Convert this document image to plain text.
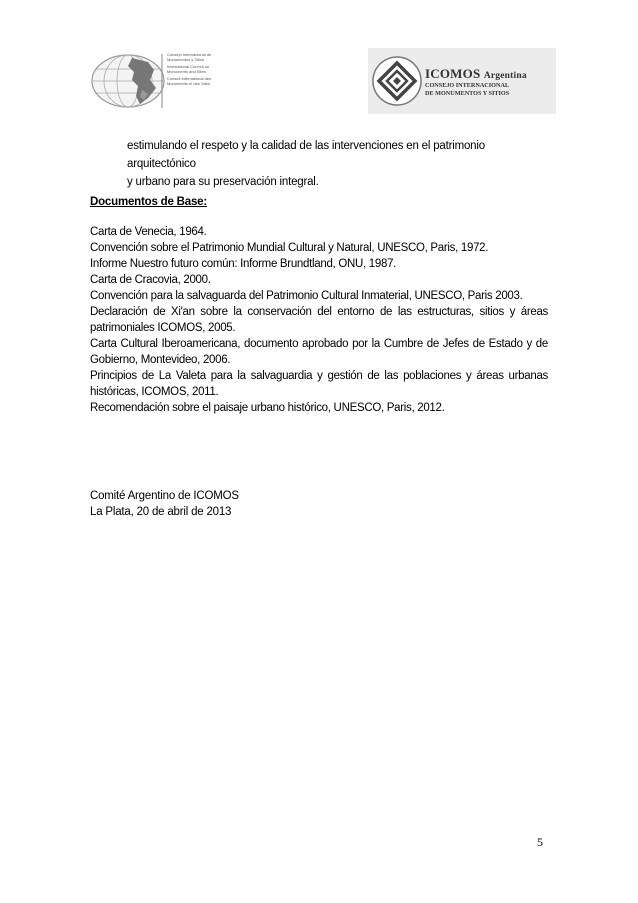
Consejo Internacional de
Monumentos y Sitios
International Council on
Monuments and Sites
Conseil International des
Monuments et des Sites
ICOMOS Argentina
CONSEJO INTERNACIONAL
DE MONUMENTOS Y SITIOS
estimulando el respeto y la calidad de las intervenciones en el patrimonio arquitectónico
y urbano para su preservación integral.
Documentos de Base:
Carta de Venecia, 1964.
Convención sobre el Patrimonio Mundial Cultural y Natural, UNESCO, Paris, 1972.
Informe Nuestro futuro común: Informe Brundtland, ONU, 1987.
Carta de Cracovia, 2000.
Convención para la salvaguarda del Patrimonio Cultural Inmaterial, UNESCO, Paris 2003.
Declaración de Xi'an sobre la conservación del entorno de las estructuras, sitios y áreas patrimoniales ICOMOS, 2005.
Carta Cultural Iberoamericana, documento aprobado por la Cumbre de Jefes de Estado y de Gobierno, Montevideo, 2006.
Principios de La Valeta para la salvaguardia y gestión de las poblaciones y áreas urbanas históricas, ICOMOS, 2011.
Recomendación sobre el paisaje urbano histórico, UNESCO, Paris, 2012.
Comité Argentino de ICOMOS
La Plata, 20 de abril de 2013
5
